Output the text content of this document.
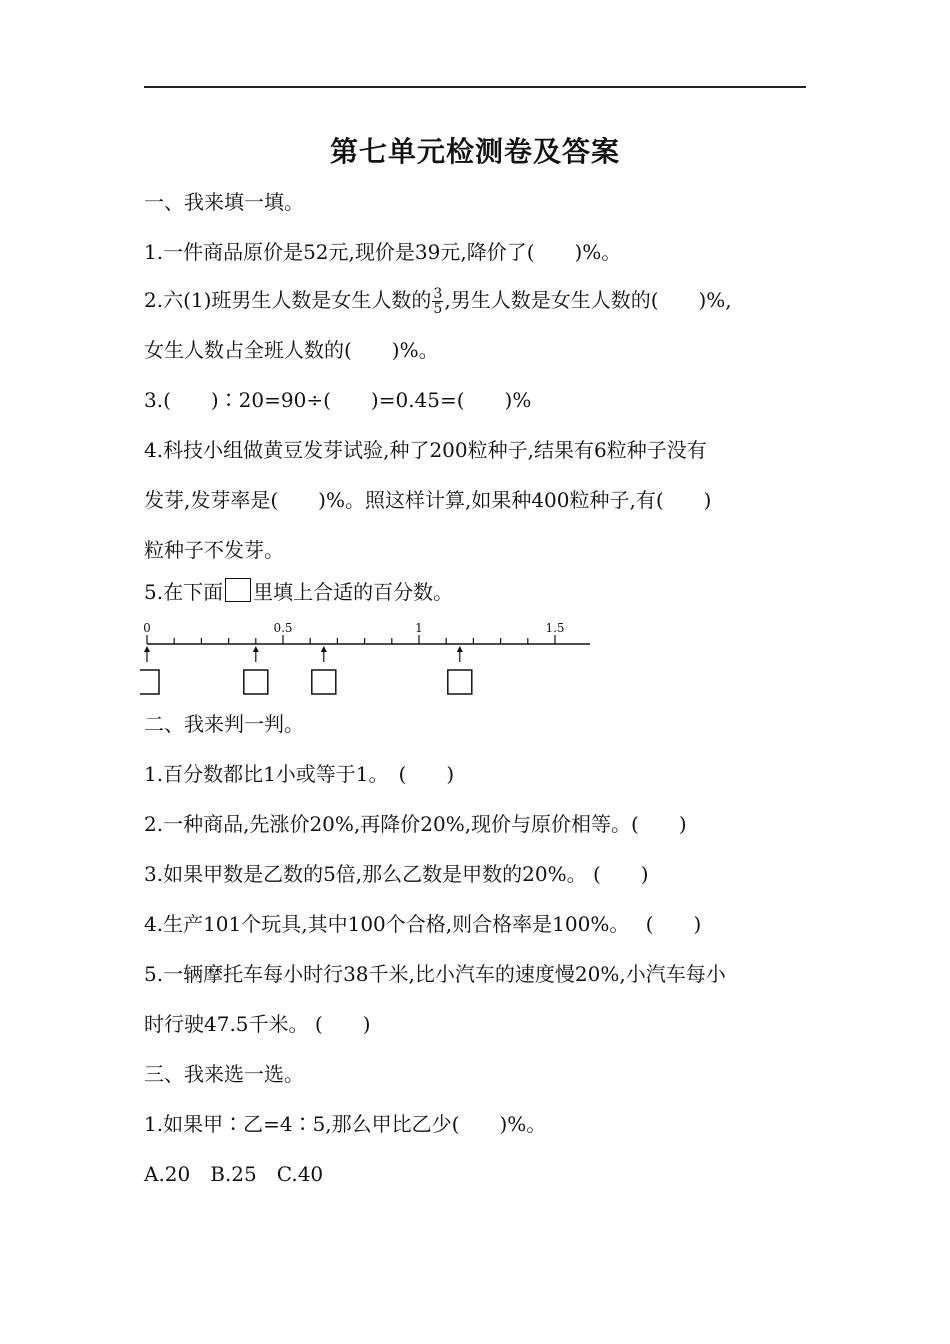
第七单元检测卷及答案
一、我来填一填。
1.一件商品原价是52元,现价是39元,降价了(　　)%。
2.六(1)班男生人数是女生人数的 $\frac{3}{5}$ ,男生人数是女生人数的(　　)%,
女生人数占全班人数的(　　)%。
3.(　　)∶20=90÷(　　)=0.45=(　　)%
4.科技小组做黄豆发芽试验,种了200粒种子,结果有6粒种子没有
发芽,发芽率是(　　)%。照这样计算,如果种400粒种子,有(　　)
粒种子不发芽。
5.在下面 里填上合适的百分数。
0	0.5	1	1.5
二、我来判一判。
1.百分数都比1小或等于1。　(　　)
2.一种商品,先涨价20%,再降价20%,现价与原价相等。(　　)
3.如果甲数是乙数的5倍,那么乙数是甲数的20%。 (　　)
4.生产101个玩具,其中100个合格,则合格率是100%。　 (　　)
5.一辆摩托车每小时行38千米,比小汽车的速度慢20%,小汽车每小
时行驶47.5千米。 (　　)
三、我来选一选。
1.如果甲∶乙=4∶5,那么甲比乙少(　　)%。
A.20　B.25　C.40
